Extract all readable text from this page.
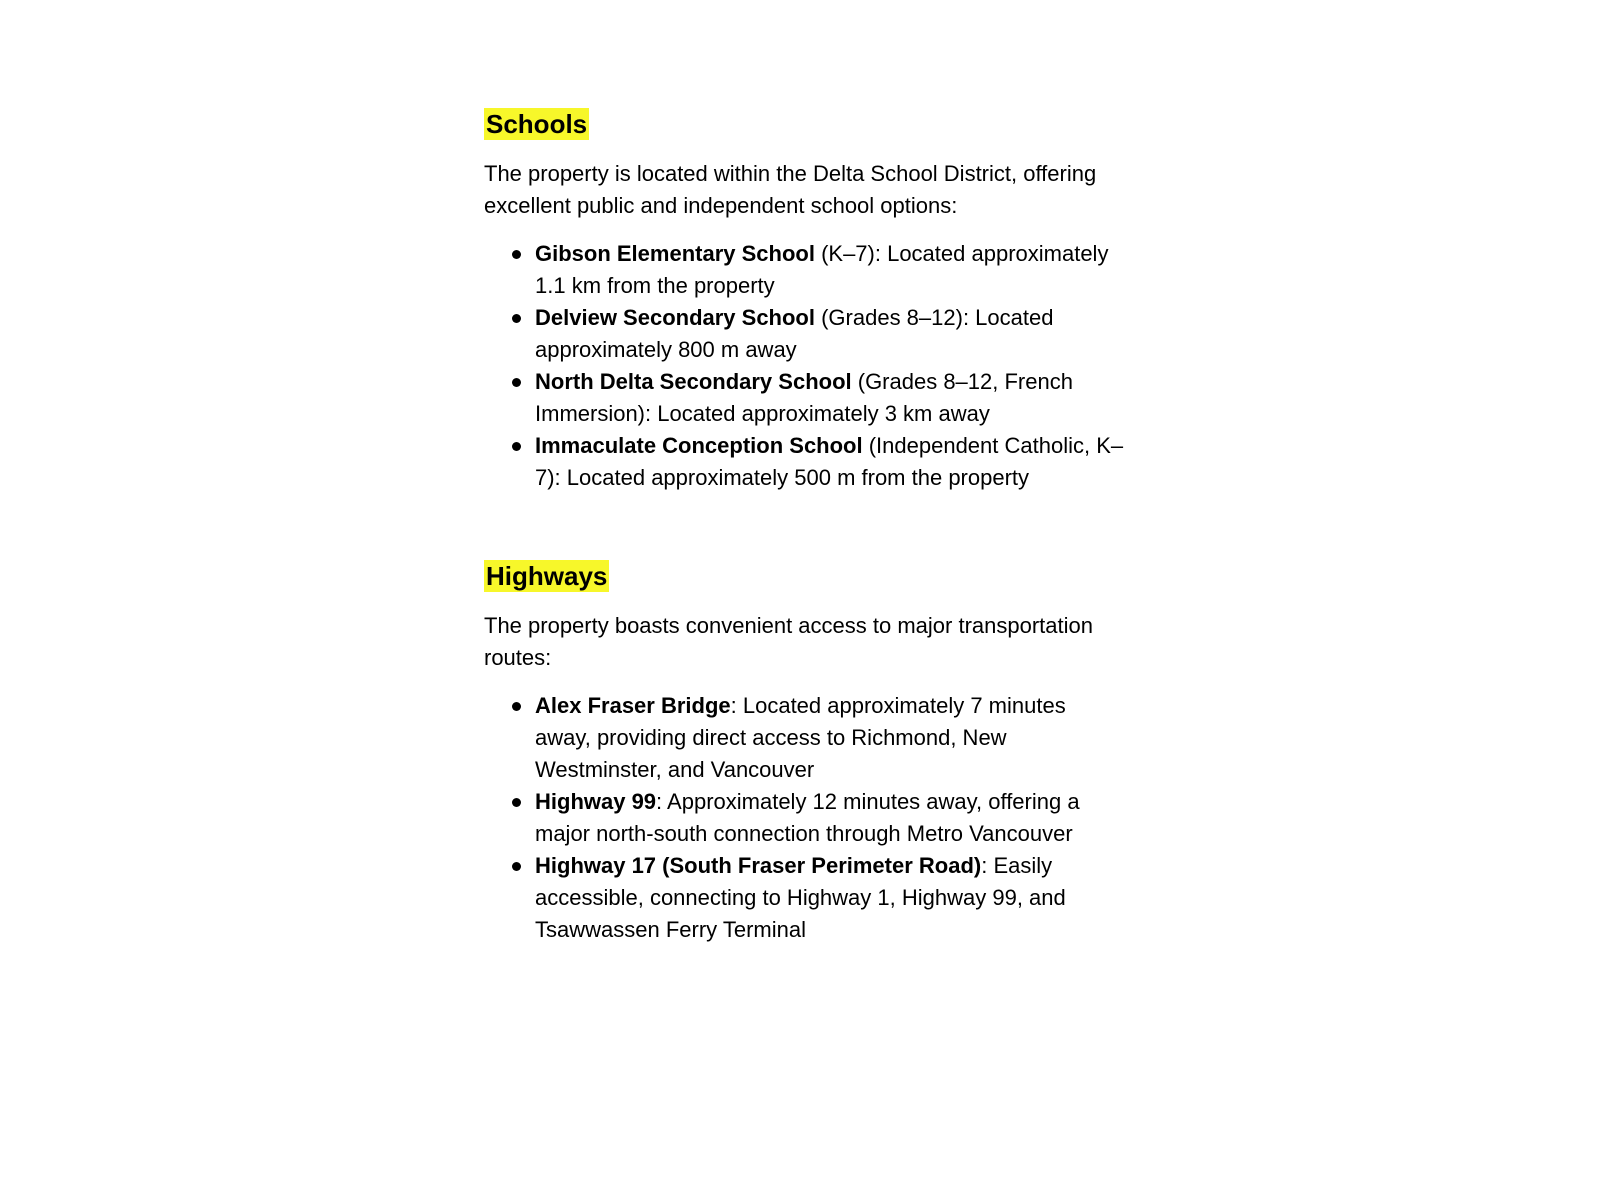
Schools

The property is located within the Delta School District, offering excellent public and independent school options:

Gibson Elementary School (K–7): Located approximately 1.1 km from the property
Delview Secondary School (Grades 8–12): Located approximately 800 m away
North Delta Secondary School (Grades 8–12, French Immersion): Located approximately 3 km away
Immaculate Conception School (Independent Catholic, K–7): Located approximately 500 m from the property
Highways

The property boasts convenient access to major transportation routes:

Alex Fraser Bridge: Located approximately 7 minutes away, providing direct access to Richmond, New Westminster, and Vancouver
Highway 99: Approximately 12 minutes away, offering a major north-south connection through Metro Vancouver
Highway 17 (South Fraser Perimeter Road): Easily accessible, connecting to Highway 1, Highway 99, and Tsawwassen Ferry Terminal
